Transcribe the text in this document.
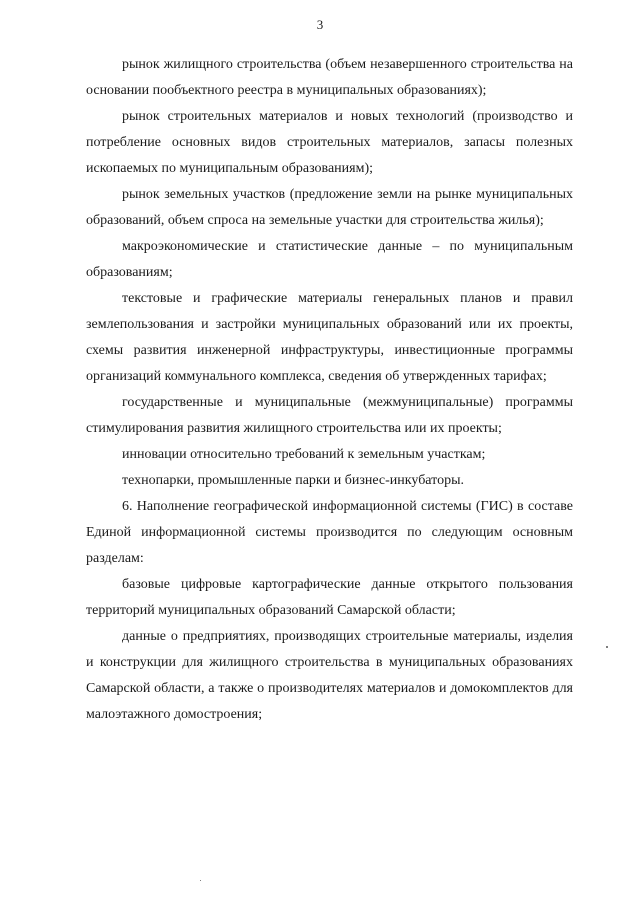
3

рынок жилищного строительства (объем незавершенного строительства на основании пообъектного реестра в муниципальных образованиях);

рынок строительных материалов и новых технологий (производство и потребление основных видов строительных материалов, запасы полезных ископаемых по муниципальным образованиям);

рынок земельных участков (предложение земли на рынке муниципальных образований, объем спроса на земельные участки для строительства жилья);

макроэкономические и статистические данные – по муниципальным образованиям;

текстовые и графические материалы генеральных планов и правил землепользования и застройки муниципальных образований или их проекты, схемы развития инженерной инфраструктуры, инвестиционные программы организаций коммунального комплекса, сведения об утвержденных тарифах;

государственные и муниципальные (межмуниципальные) программы стимулирования развития жилищного строительства или их проекты;

инновации относительно требований к земельным участкам;

технопарки, промышленные парки и бизнес-инкубаторы.

6. Наполнение географической информационной системы (ГИС) в составе Единой информационной системы производится по следующим основным разделам:

базовые цифровые картографические данные открытого пользования территорий муниципальных образований Самарской области;

данные о предприятиях, производящих строительные материалы, изделия и конструкции для жилищного строительства в муниципальных образованиях Самарской области, а также о производителях материалов и домокомплектов для малоэтажного домостроения;
